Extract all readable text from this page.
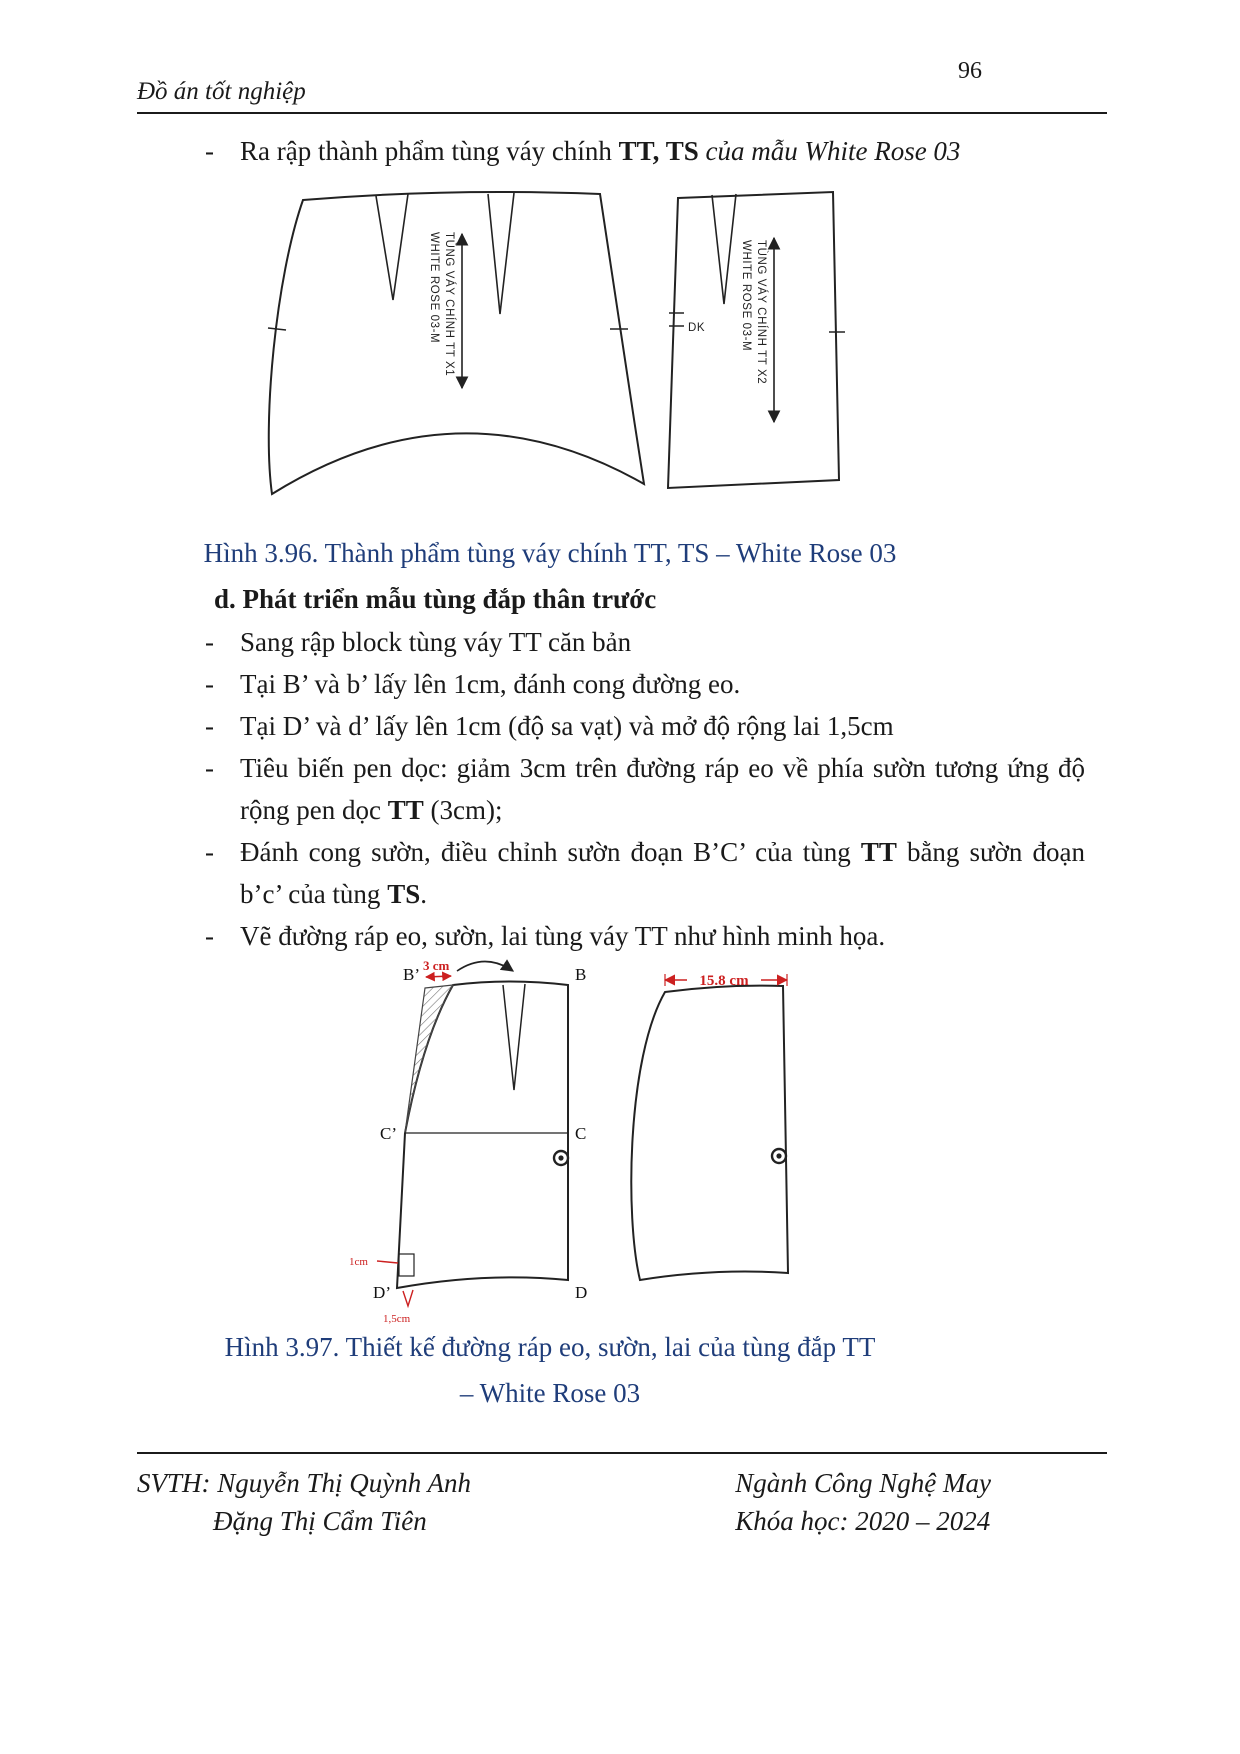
96
Đồ án tốt nghiệp
- Ra rập thành phẩm tùng váy chính TT, TS của mẫu White Rose 03
WHITE ROSE 03-M TÙNG VÁY CHÍNH TT X1	DK	WHITE ROSE 03-M TÙNG VÁY CHÍNH TT X2
Hình 3.96. Thành phẩm tùng váy chính TT, TS – White Rose 03
d. Phát triển mẫu tùng đắp thân trước

- Sang rập block tùng váy TT căn bản

- Tại B’ và b’ lấy lên 1cm, đánh cong đường eo.

- Tại D’ và d’ lấy lên 1cm (độ sa vạt) và mở độ rộng lai 1,5cm

- Tiêu biến pen dọc: giảm 3cm trên đường ráp eo về phía sườn tương ứng độ rộng pen dọc TT (3cm);

- Đánh cong sườn, điều chỉnh sườn đoạn B’C’ của tùng TT bằng sườn đoạn b’c’ của tùng TS.

- Vẽ đường ráp eo, sườn, lai tùng váy TT như hình minh họa.

3 cm
1cm
1,5cm
B’	B
C’	C
D’	D
15.8 cm
Hình 3.97. Thiết kế đường ráp eo, sườn, lai của tùng đắp TT
– White Rose 03
SVTH: Nguyễn Thị Quỳnh Anh
Đặng Thị Cẩm Tiên
Ngành Công Nghệ May
Khóa học: 2020 – 2024
